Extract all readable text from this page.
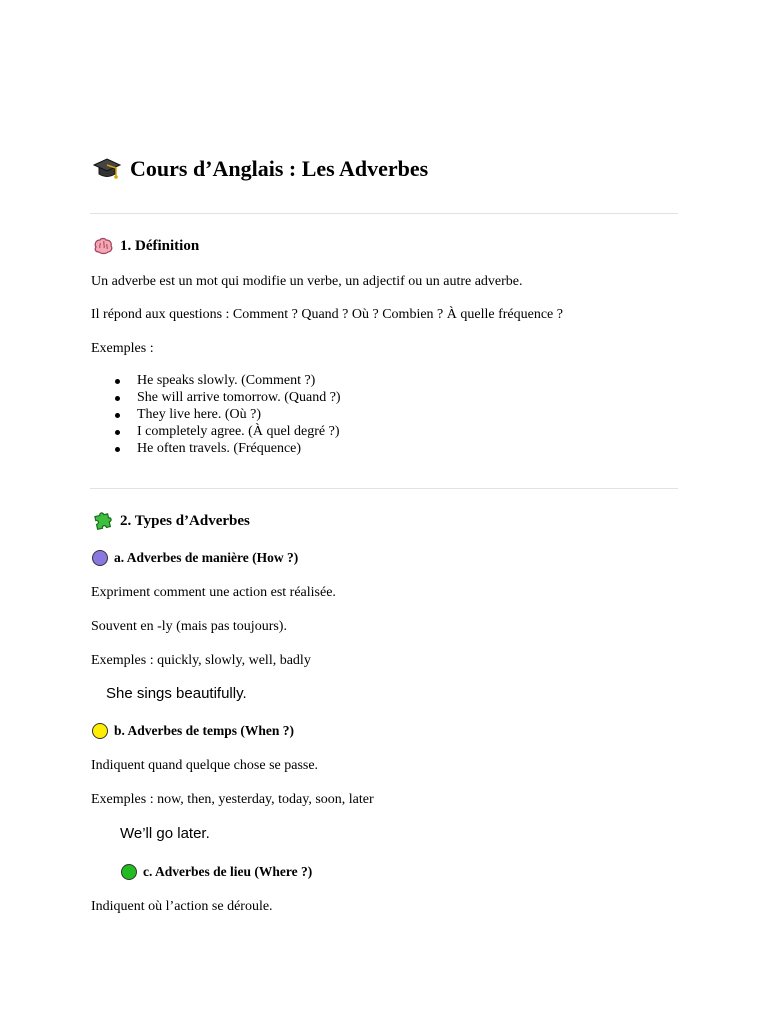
Cours d’Anglais : Les Adverbes
1. Définition
Un adverbe est un mot qui modifie un verbe, un adjectif ou un autre adverbe.
Il répond aux questions : Comment ? Quand ? Où ? Combien ? À quelle fréquence ?
Exemples :
He speaks slowly. (Comment ?)
She will arrive tomorrow. (Quand ?)
They live here. (Où ?)
I completely agree. (À quel degré ?)
He often travels. (Fréquence)
2. Types d’Adverbes
a. Adverbes de manière (How ?)
Expriment comment une action est réalisée.
Souvent en -ly (mais pas toujours).
Exemples : quickly, slowly, well, badly
She sings beautifully.
b. Adverbes de temps (When ?)
Indiquent quand quelque chose se passe.
Exemples : now, then, yesterday, today, soon, later
We’ll go later.
c. Adverbes de lieu (Where ?)
Indiquent où l’action se déroule.
